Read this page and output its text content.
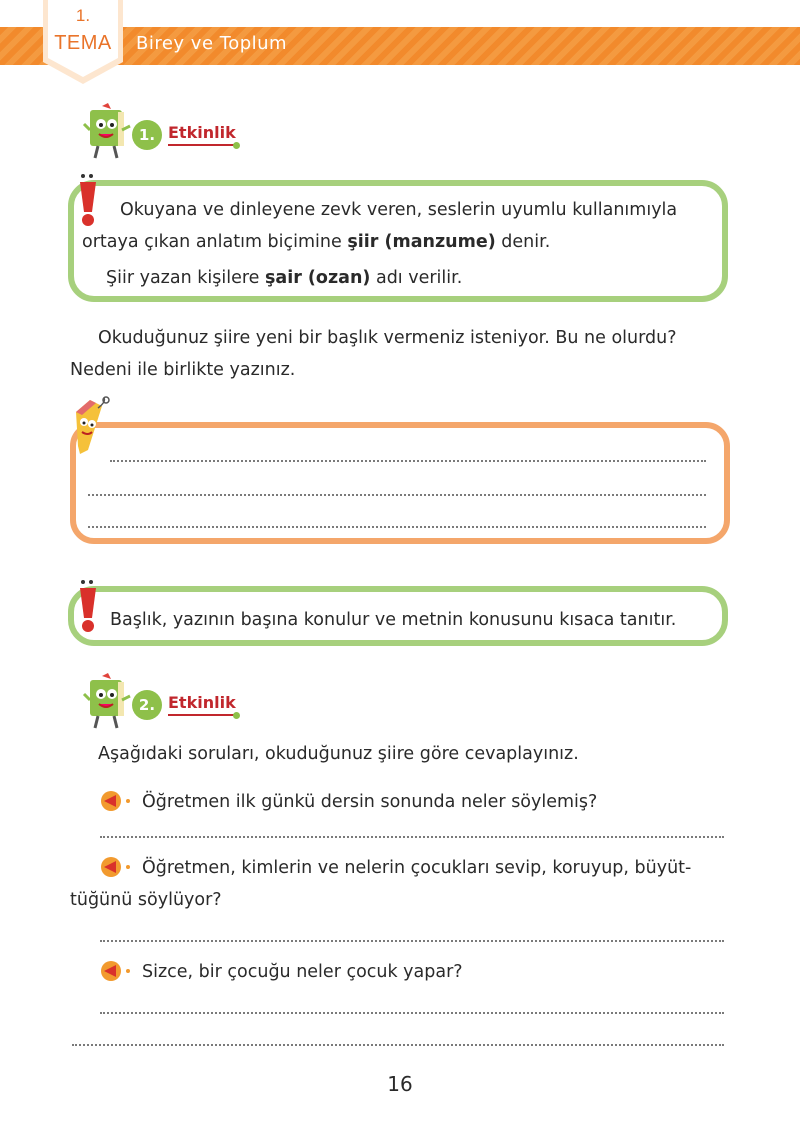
1.
TEMA	Birey ve Toplum
1. Etkinlik
Okuyana ve dinleyene zevk veren, seslerin uyumlu kullanımıyla
ortaya çıkan anlatım biçimine şiir (manzume) denir.
Şiir yazan kişilere şair (ozan) adı verilir.
Okuduğunuz şiire yeni bir başlık vermeniz isteniyor. Bu ne olurdu?
Nedeni ile birlikte yazınız.
Başlık, yazının başına konulur ve metnin konusunu kısaca tanıtır.
2. Etkinlik
Aşağıdaki soruları, okuduğunuz şiire göre cevaplayınız.
Öğretmen ilk günkü dersin sonunda neler söylemiş?
Öğretmen, kimlerin ve nelerin çocukları sevip, koruyup, büyüt-
tüğünü söylüyor?
Sizce, bir çocuğu neler çocuk yapar?
16
